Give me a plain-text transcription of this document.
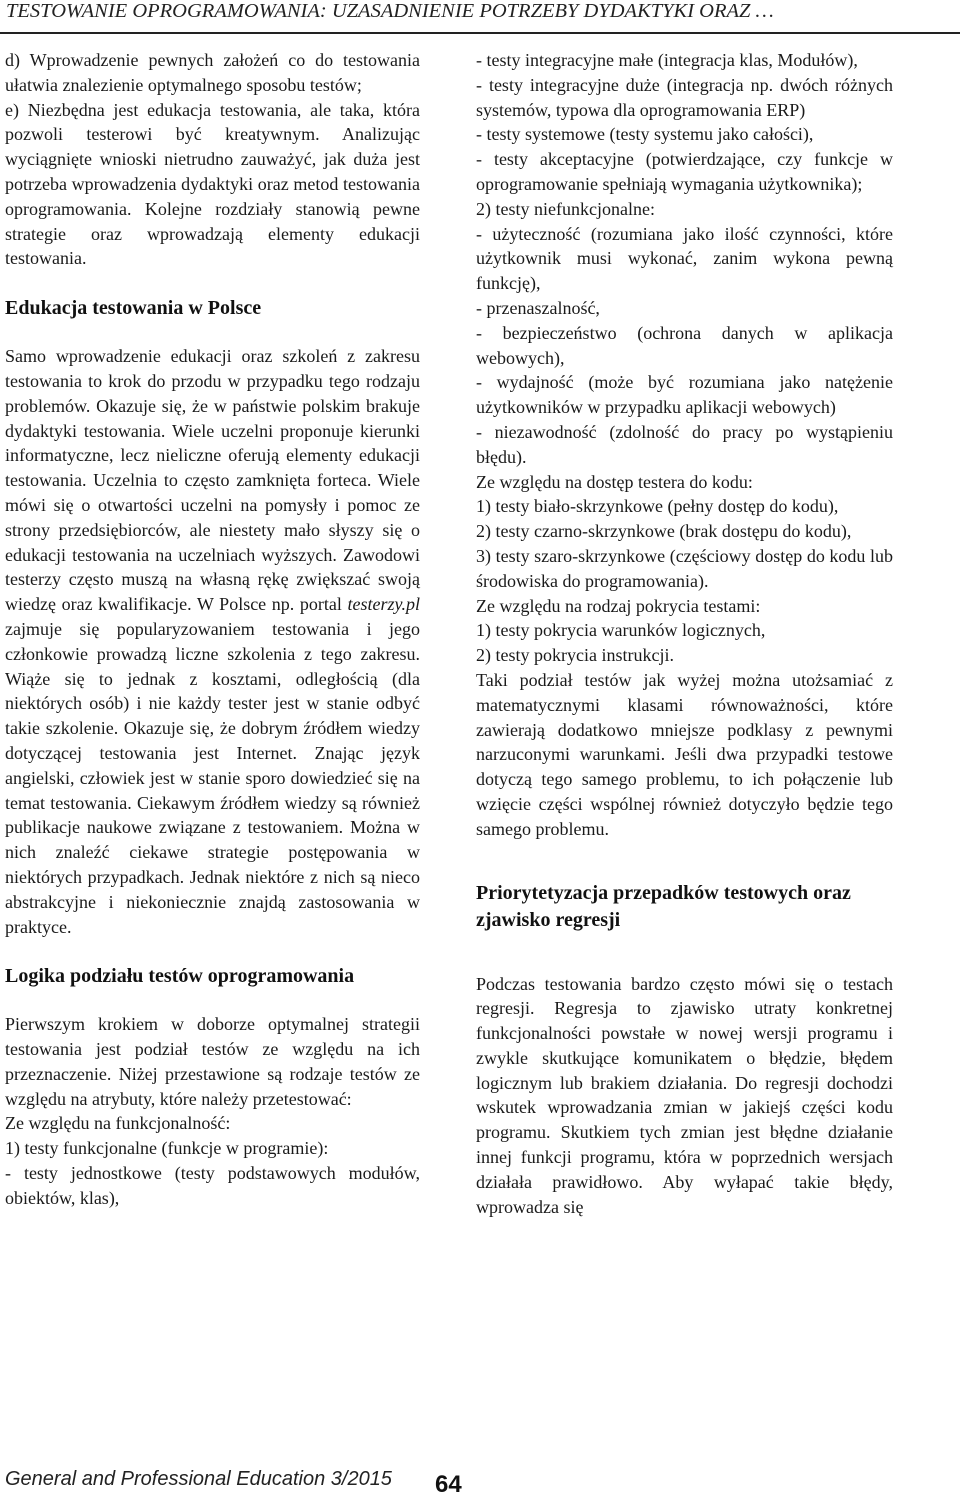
TESTOWANIE OPROGRAMOWANIA: UZASADNIENIE POTRZEBY DYDAKTYKI ORAZ …

d) Wprowadzenie pewnych założeń co do testowania ułatwia znalezienie optymalnego sposobu testów;
e) Niezbędna jest edukacja testowania, ale taka, która pozwoli testerowi być kreatywnym. Analizując wyciągnięte wnioski nietrudno zauważyć, jak duża jest potrzeba wprowadzenia dydaktyki oraz metod testowania oprogramowania. Kolejne rozdziały stanowią pewne strategie oraz wprowadzają elementy edukacji testowania.

Edukacja testowania w Polsce

Samo wprowadzenie edukacji oraz szkoleń z zakresu testowania to krok do przodu w przypadku tego rodzaju problemów. Okazuje się, że w państwie polskim brakuje dydaktyki testowania. Wiele uczelni proponuje kierunki informatyczne, lecz nieliczne oferują elementy edukacji testowania. Uczelnia to często zamknięta forteca. Wiele mówi się o otwartości uczelni na pomysły i pomoc ze strony przedsiębiorców, ale niestety mało słyszy się o edukacji testowania na uczelniach wyższych. Zawodowi testerzy często muszą na własną rękę zwiększać swoją wiedzę oraz kwalifikacje. W Polsce np. portal testerzy.pl zajmuje się popularyzowaniem testowania i jego członkowie prowadzą liczne szkolenia z tego zakresu. Wiąże się to jednak z kosztami, odległością (dla niektórych osób) i nie każdy tester jest w stanie odbyć takie szkolenie. Okazuje się, że dobrym źródłem wiedzy dotyczącej testowania jest Internet. Znając język angielski, człowiek jest w stanie sporo dowiedzieć się na temat testowania. Ciekawym źródłem wiedzy są również publikacje naukowe związane z testowaniem. Można w nich znaleźć ciekawe strategie postępowania w niektórych przypadkach. Jednak niektóre z nich są nieco abstrakcyjne i niekoniecznie znajdą zastosowania w praktyce.

Logika podziału testów oprogramowania

Pierwszym krokiem w doborze optymalnej strategii testowania jest podział testów ze względu na ich przeznaczenie. Niżej przestawione są rodzaje testów ze względu na atrybuty, które należy przetestować:
Ze względu na funkcjonalność:
1) testy funkcjonalne (funkcje w programie):
- testy jednostkowe (testy podstawowych modułów, obiektów, klas),

- testy integracyjne małe (integracja klas, Modułów),
- testy integracyjne duże (integracja np. dwóch różnych systemów, typowa dla oprogramowania ERP)
- testy systemowe (testy systemu jako całości),
- testy akceptacyjne (potwierdzające, czy funkcje w oprogramowanie spełniają wymagania użytkownika);
2) testy niefunkcjonalne:
- użyteczność (rozumiana jako ilość czynności, które użytkownik musi wykonać, zanim wykona pewną funkcję),
- przenaszalność,
- bezpieczeństwo (ochrona danych w aplikacja webowych),
- wydajność (może być rozumiana jako natężenie użytkowników w przypadku aplikacji webowych)
- niezawodność (zdolność do pracy po wystąpieniu błędu).
Ze względu na dostęp testera do kodu:
1) testy biało-skrzynkowe (pełny dostęp do kodu),
2) testy czarno-skrzynkowe (brak dostępu do kodu),
3) testy szaro-skrzynkowe (częściowy dostęp do kodu lub środowiska do programowania).
Ze względu na rodzaj pokrycia testami:
1) testy pokrycia warunków logicznych,
2) testy pokrycia instrukcji.
Taki podział testów jak wyżej można utożsamiać z matematycznymi klasami równoważności, które zawierają dodatkowo mniejsze podklasy z pewnymi narzuconymi warunkami. Jeśli dwa przypadki testowe dotyczą tego samego problemu, to ich połączenie lub wzięcie części wspólnej również dotyczyło będzie tego samego problemu.

Priorytetyzacja przepadków testowych oraz zjawisko regresji

Podczas testowania bardzo często mówi się o testach regresji. Regresja to zjawisko utraty konkretnej funkcjonalności powstałe w nowej wersji programu i zwykle skutkujące komunikatem o błędzie, błędem logicznym lub brakiem działania. Do regresji dochodzi wskutek wprowadzania zmian w jakiejś części kodu programu. Skutkiem tych zmian jest błędne działanie innej funkcji programu, która w poprzednich wersjach działała prawidłowo. Aby wyłapać takie błędy, wprowadza się

General and Professional Education 3/2015 64
